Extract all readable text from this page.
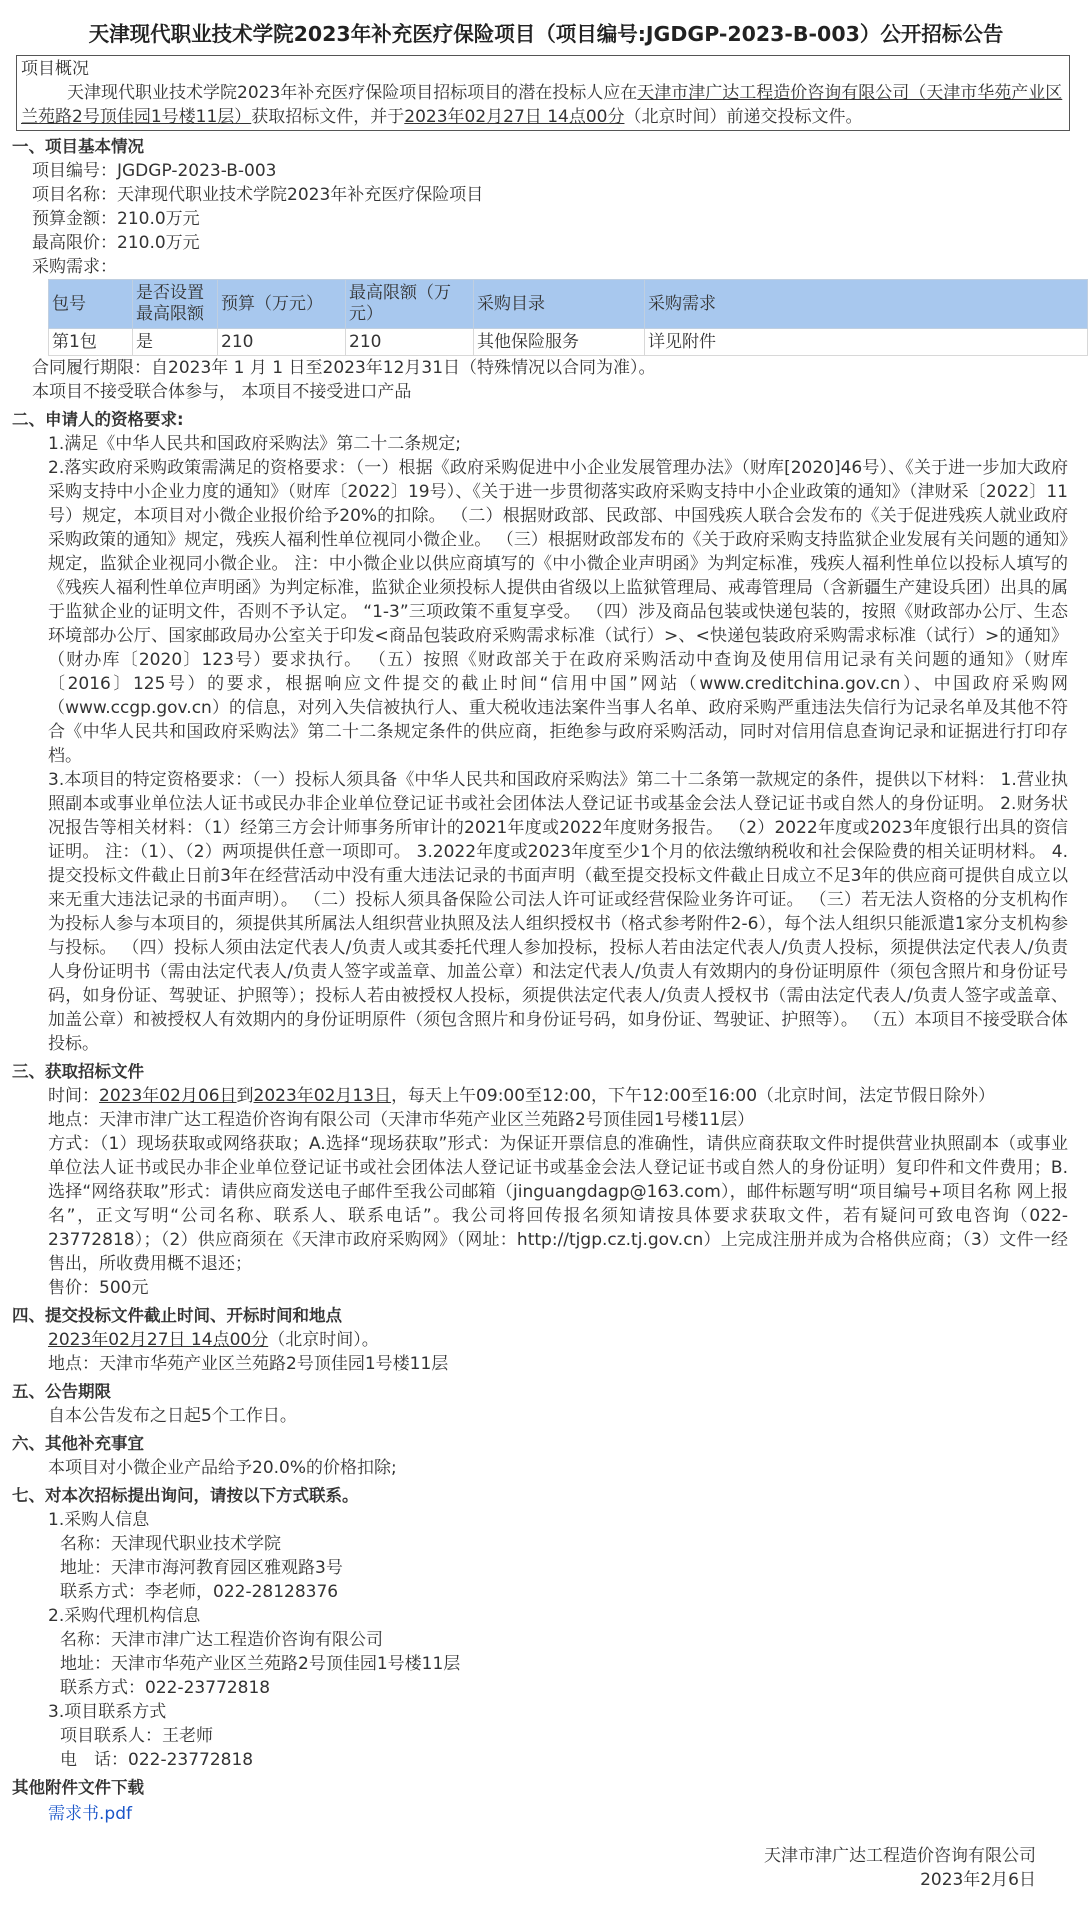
天津现代职业技术学院2023年补充医疗保险项目（项目编号:JGDGP-2023-B-003）公开招标公告
项目概况
天津现代职业技术学院2023年补充医疗保险项目招标项目的潜在投标人应在天津市津广达工程造价咨询有限公司（天津市华苑产业区兰苑路2号顶佳园1号楼11层）获取招标文件，并于2023年02月27日 14点00分（北京时间）前递交投标文件。
一、项目基本情况
项目编号：JGDGP-2023-B-003
项目名称：天津现代职业技术学院2023年补充医疗保险项目
预算金额：210.0万元
最高限价：210.0万元
采购需求：
包号	是否设置最高限额	预算（万元）	最高限额（万元）	采购目录	采购需求
第1包	是	210	210	其他保险服务	详见附件
合同履行期限：自2023年 1 月 1 日至2023年12月31日（特殊情况以合同为准）。
本项目不接受联合体参与， 本项目不接受进口产品
二、申请人的资格要求:
1.满足《中华人民共和国政府采购法》第二十二条规定;
2.落实政府采购政策需满足的资格要求：（一）根据《政府采购促进中小企业发展管理办法》（财库[2020]46号）、《关于进一步加大政府采购支持中小企业力度的通知》（财库〔2022〕19号）、《关于进一步贯彻落实政府采购支持中小企业政策的通知》（津财采〔2022〕11号）规定，本项目对小微企业报价给予20%的扣除。 （二）根据财政部、民政部、中国残疾人联合会发布的《关于促进残疾人就业政府采购政策的通知》规定，残疾人福利性单位视同小微企业。 （三）根据财政部发布的《关于政府采购支持监狱企业发展有关问题的通知》规定，监狱企业视同小微企业。 注：中小微企业以供应商填写的《中小微企业声明函》为判定标准，残疾人福利性单位以投标人填写的《残疾人福利性单位声明函》为判定标准，监狱企业须投标人提供由省级以上监狱管理局、戒毒管理局（含新疆生产建设兵团）出具的属于监狱企业的证明文件，否则不予认定。 “1-3”三项政策不重复享受。 （四）涉及商品包装或快递包装的，按照《财政部办公厅、生态环境部办公厅、国家邮政局办公室关于印发<商品包装政府采购需求标准（试行）>、<快递包装政府采购需求标准（试行）>的通知》（财办库〔2020〕123号）要求执行。 （五）按照《财政部关于在政府采购活动中查询及使用信用记录有关问题的通知》（财库〔2016〕125号）的要求，根据响应文件提交的截止时间“信用中国”网站（www.creditchina.gov.cn）、中国政府采购网（www.ccgp.gov.cn）的信息，对列入失信被执行人、重大税收违法案件当事人名单、政府采购严重违法失信行为记录名单及其他不符合《中华人民共和国政府采购法》第二十二条规定条件的供应商，拒绝参与政府采购活动，同时对信用信息查询记录和证据进行打印存档。
3.本项目的特定资格要求：（一）投标人须具备《中华人民共和国政府采购法》第二十二条第一款规定的条件，提供以下材料： 1.营业执照副本或事业单位法人证书或民办非企业单位登记证书或社会团体法人登记证书或基金会法人登记证书或自然人的身份证明。 2.财务状况报告等相关材料：（1）经第三方会计师事务所审计的2021年度或2022年度财务报告。 （2）2022年度或2023年度银行出具的资信证明。 注：（1）、（2）两项提供任意一项即可。 3.2022年度或2023年度至少1个月的依法缴纳税收和社会保险费的相关证明材料。 4.提交投标文件截止日前3年在经营活动中没有重大违法记录的书面声明（截至提交投标文件截止日成立不足3年的供应商可提供自成立以来无重大违法记录的书面声明）。 （二）投标人须具备保险公司法人许可证或经营保险业务许可证。 （三）若无法人资格的分支机构作为投标人参与本项目的，须提供其所属法人组织营业执照及法人组织授权书（格式参考附件2-6），每个法人组织只能派遣1家分支机构参与投标。 （四）投标人须由法定代表人/负责人或其委托代理人参加投标，投标人若由法定代表人/负责人投标，须提供法定代表人/负责人身份证明书（需由法定代表人/负责人签字或盖章、加盖公章）和法定代表人/负责人有效期内的身份证明原件（须包含照片和身份证号码，如身份证、驾驶证、护照等）；投标人若由被授权人投标，须提供法定代表人/负责人授权书（需由法定代表人/负责人签字或盖章、加盖公章）和被授权人有效期内的身份证明原件（须包含照片和身份证号码，如身份证、驾驶证、护照等）。 （五）本项目不接受联合体投标。
三、获取招标文件
时间：2023年02月06日到2023年02月13日，每天上午09:00至12:00，下午12:00至16:00（北京时间，法定节假日除外）
地点：天津市津广达工程造价咨询有限公司（天津市华苑产业区兰苑路2号顶佳园1号楼11层）
方式：（1）现场获取或网络获取；A.选择“现场获取”形式：为保证开票信息的准确性，请供应商获取文件时提供营业执照副本（或事业单位法人证书或民办非企业单位登记证书或社会团体法人登记证书或基金会法人登记证书或自然人的身份证明）复印件和文件费用；B.选择“网络获取”形式：请供应商发送电子邮件至我公司邮箱（jinguangdagp@163.com），邮件标题写明“项目编号+项目名称 网上报名”，正文写明“公司名称、联系人、联系电话”。我公司将回传报名须知请按具体要求获取文件，若有疑问可致电咨询（022-23772818）；（2）供应商须在《天津市政府采购网》（网址：http://tjgp.cz.tj.gov.cn）上完成注册并成为合格供应商；（3）文件一经售出，所收费用概不退还；
售价：500元
四、提交投标文件截止时间、开标时间和地点
2023年02月27日 14点00分（北京时间）。
地点：天津市华苑产业区兰苑路2号顶佳园1号楼11层
五、公告期限
自本公告发布之日起5个工作日。
六、其他补充事宜
本项目对小微企业产品给予20.0%的价格扣除;
七、对本次招标提出询问，请按以下方式联系。
1.采购人信息
名称：天津现代职业技术学院
地址：天津市海河教育园区雅观路3号
联系方式：李老师，022-28128376
2.采购代理机构信息
名称：天津市津广达工程造价咨询有限公司
地址：天津市华苑产业区兰苑路2号顶佳园1号楼11层
联系方式：022-23772818
3.项目联系方式
项目联系人：王老师
电　话：022-23772818
其他附件文件下载
需求书.pdf
天津市津广达工程造价咨询有限公司
2023年2月6日
